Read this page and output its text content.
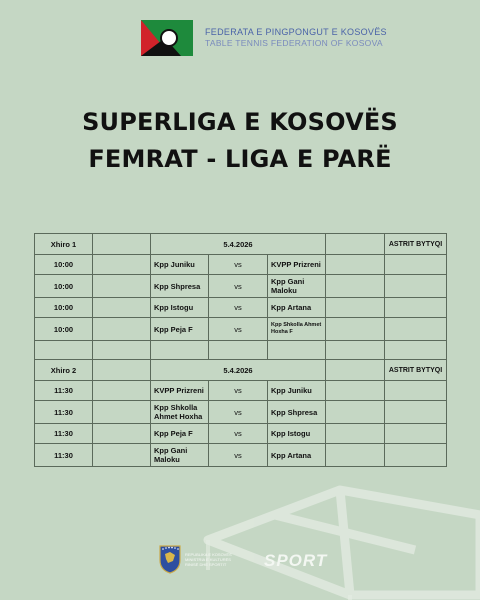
FEDERATA E PINGPONGUT E KOSOVËS
TABLE TENNIS FEDERATION OF KOSOVA
SUPERLIGA E KOSOVËS
FEMRAT - LIGA E PARË
Xhiro 1		5.4.2026				ASTRIT BYTYQI
10:00		Kpp Juniku	vs	KVPP Prizreni		
10:00		Kpp Shpresa	vs	Kpp Gani Maloku		
10:00		Kpp Istogu	vs	Kpp Artana		
10:00		Kpp Peja F	vs	Kpp Shkolla Ahmet Hoxha F		

Xhiro 2		5.4.2026				ASTRIT BYTYQI
11:30		KVPP Prizreni	vs	Kpp Juniku		
11:30		Kpp Shkolla Ahmet Hoxha	vs	Kpp Shpresa		
11:30		Kpp Peja F	vs	Kpp Istogu		
11:30		Kpp Gani Maloku	vs	Kpp Artana		
REPUBLIKA E KOSOVËS
MINISTRIA E KULTURËS
RINISË DHE SPORTIT	SPORT
